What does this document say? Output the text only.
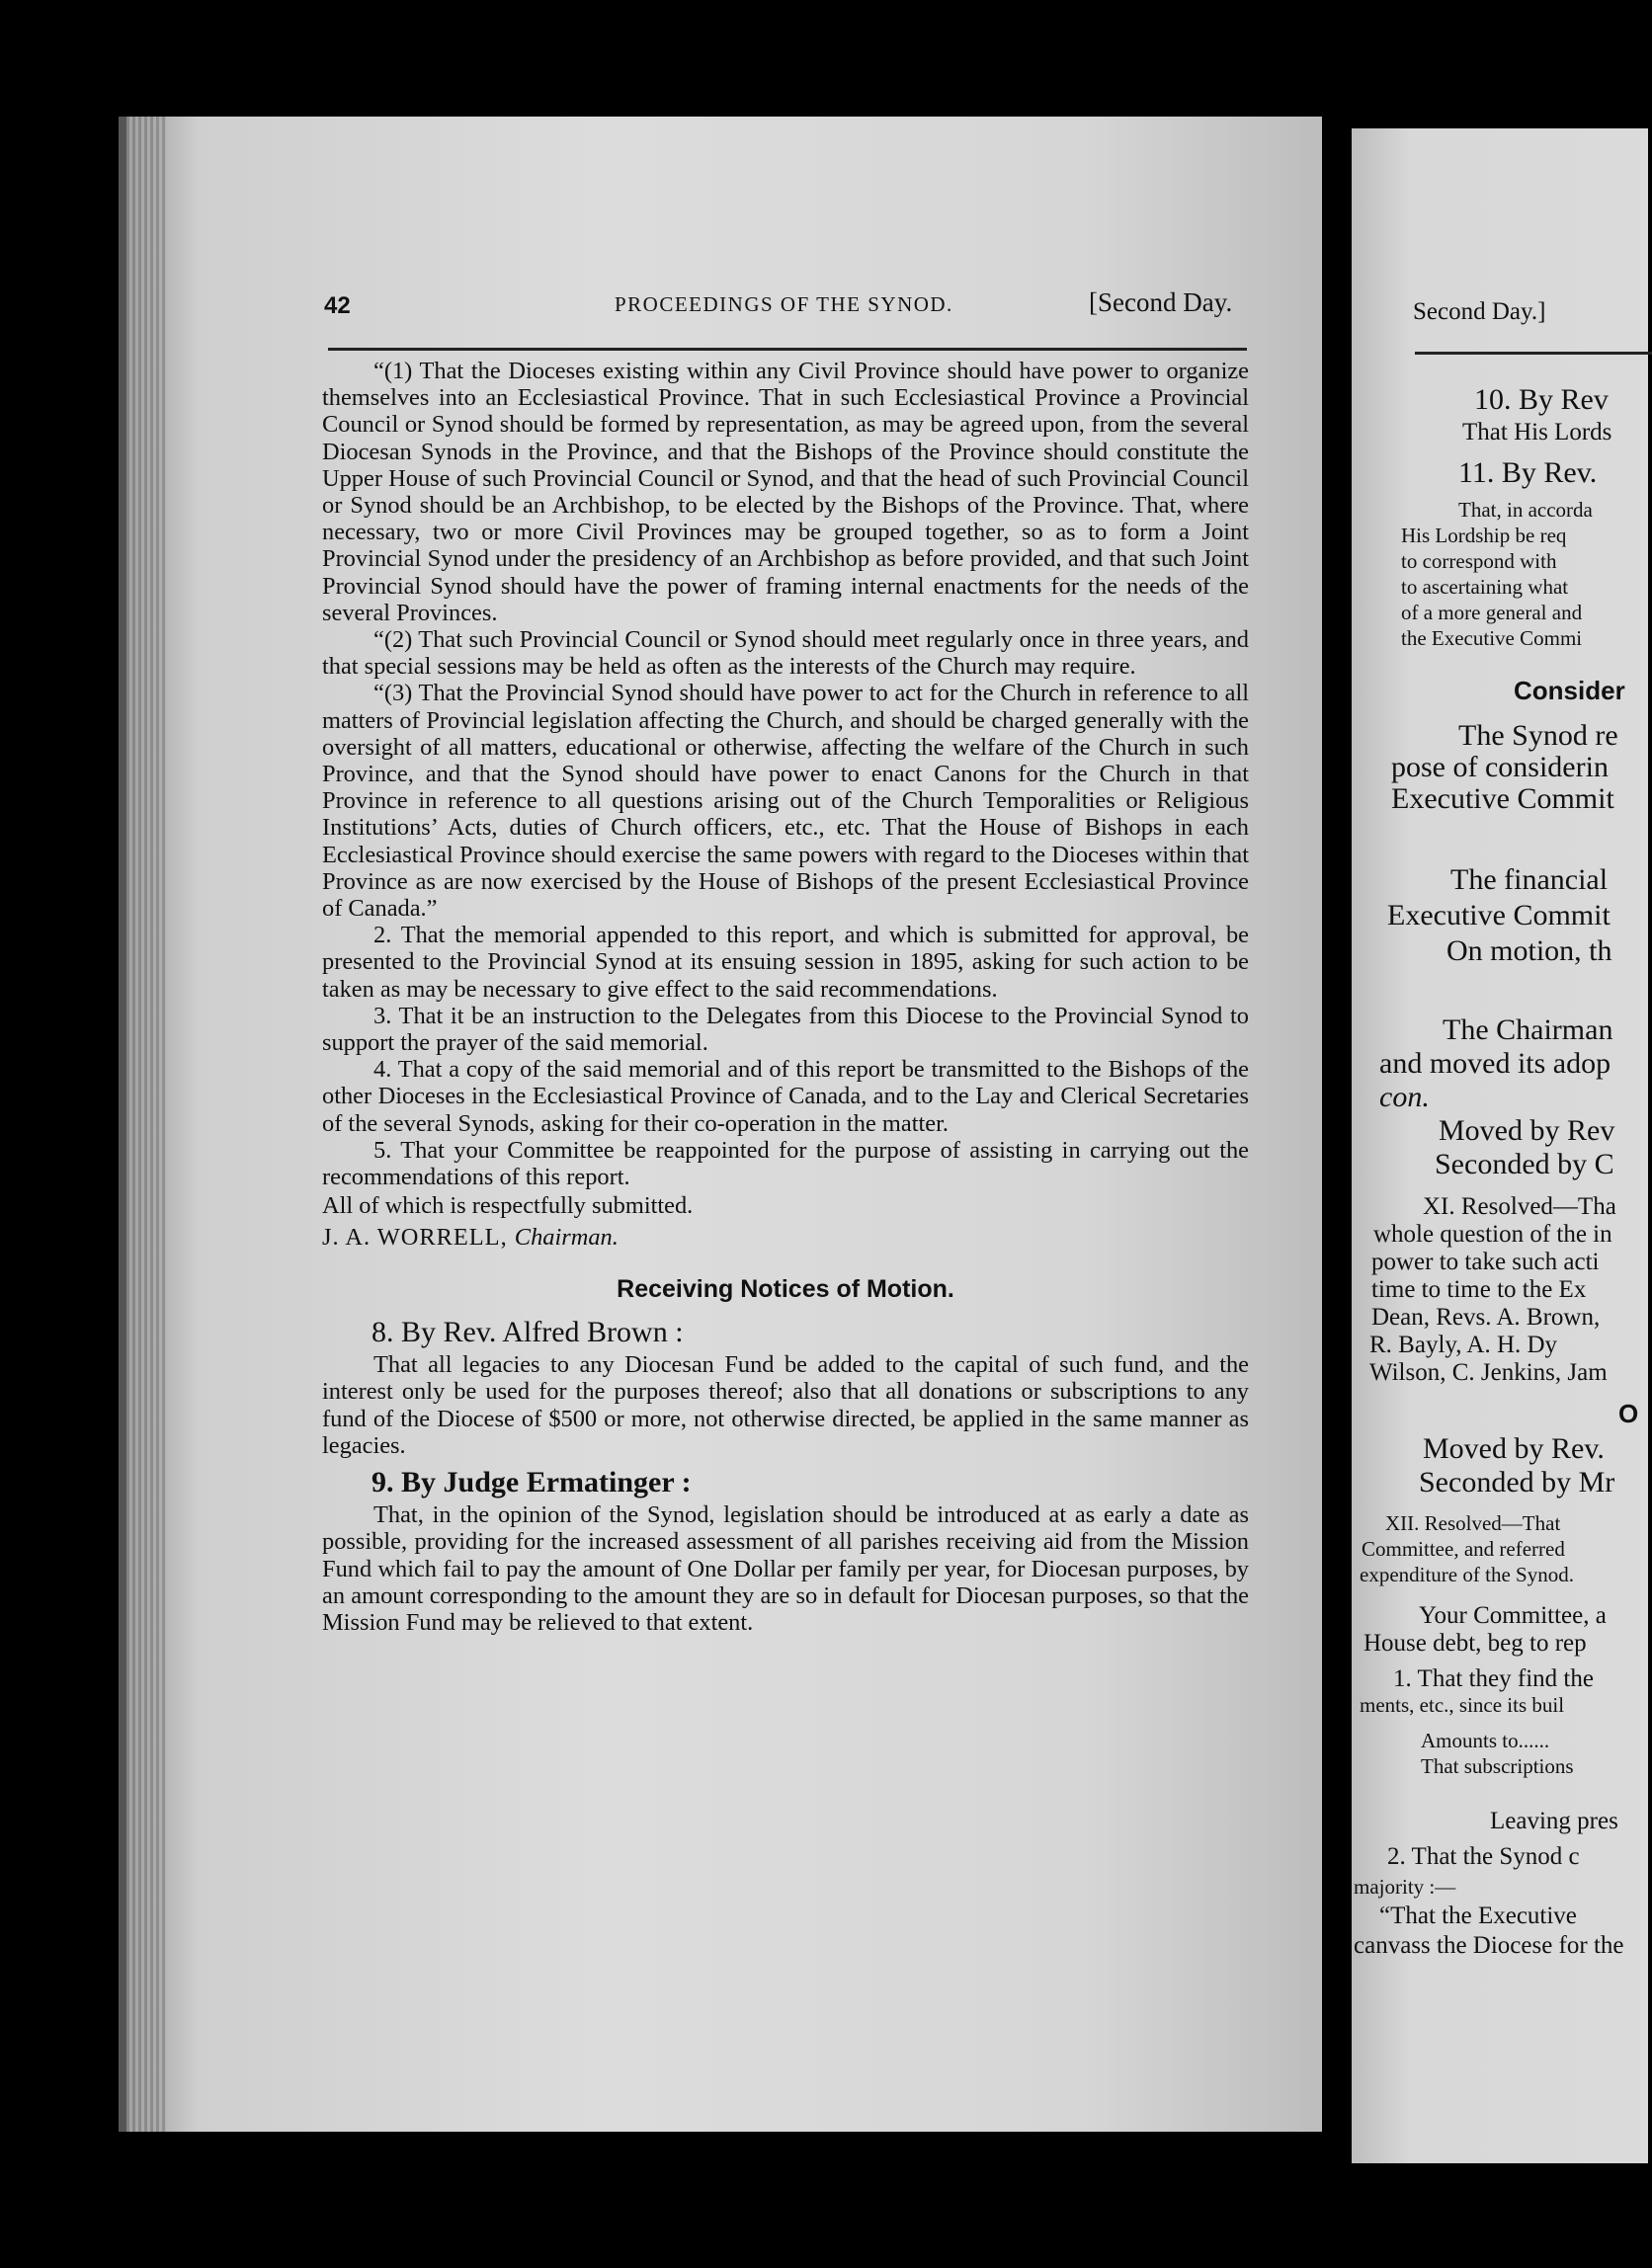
42	PROCEEDINGS OF THE SYNOD.	[Second Day.

“(1) That the Dioceses existing within any Civil Province should have power to organize themselves into an Ecclesiastical Province. That in such Ecclesiastical Province a Provincial Council or Synod should be formed by representation, as may be agreed upon, from the several Diocesan Synods in the Province, and that the Bishops of the Province should constitute the Upper House of such Provincial Council or Synod, and that the head of such Provincial Council or Synod should be an Archbishop, to be elected by the Bishops of the Province. That, where necessary, two or more Civil Provinces may be grouped together, so as to form a Joint Provincial Synod under the presidency of an Archbishop as before provided, and that such Joint Provincial Synod should have the power of framing internal enactments for the needs of the several Provinces.

“(2) That such Provincial Council or Synod should meet regularly once in three years, and that special sessions may be held as often as the interests of the Church may require.

“(3) That the Provincial Synod should have power to act for the Church in reference to all matters of Provincial legislation affecting the Church, and should be charged generally with the oversight of all matters, educational or otherwise, affecting the welfare of the Church in such Province, and that the Synod should have power to enact Canons for the Church in that Province in reference to all questions arising out of the Church Temporalities or Religious Institutions’ Acts, duties of Church officers, etc., etc. That the House of Bishops in each Ecclesiastical Province should exercise the same powers with regard to the Dioceses within that Province as are now exercised by the House of Bishops of the present Ecclesiastical Province of Canada.”

2. That the memorial appended to this report, and which is submitted for approval, be presented to the Provincial Synod at its ensuing session in 1895, asking for such action to be taken as may be necessary to give effect to the said recommendations.

3. That it be an instruction to the Delegates from this Diocese to the Provincial Synod to support the prayer of the said memorial.

4. That a copy of the said memorial and of this report be transmitted to the Bishops of the other Dioceses in the Ecclesiastical Province of Canada, and to the Lay and Clerical Secretaries of the several Synods, asking for their co-operation in the matter.

5. That your Committee be reappointed for the purpose of assisting in carrying out the recommendations of this report.

All of which is respectfully submitted.

J. A. WORRELL, Chairman.

Receiving Notices of Motion.
8. By Rev. Alfred Brown :

That all legacies to any Diocesan Fund be added to the capital of such fund, and the interest only be used for the purposes thereof; also that all donations or subscriptions to any fund of the Diocese of $500 or more, not otherwise directed, be applied in the same manner as legacies.

9. By Judge Ermatinger :

That, in the opinion of the Synod, legislation should be introduced at as early a date as possible, providing for the increased assessment of all parishes receiving aid from the Mission Fund which fail to pay the amount of One Dollar per family per year, for Diocesan purposes, by an amount corresponding to the amount they are so in default for Diocesan purposes, so that the Mission Fund may be relieved to that extent.

Second Day.]
10. By Rev
That His Lords
11. By Rev.
That, in accorda
His Lordship be req
to correspond with
to ascertaining what
of a more general and
the Executive Commi
Consider
The Synod re
pose of considerin
Executive Commit
The financial
Executive Commit
On motion, th
The Chairman
and moved its adop
con.
Moved by Rev
Seconded by C
XI. Resolved—Tha
whole question of the in
power to take such acti
time to time to the Ex
Dean, Revs. A. Brown,
R. Bayly, A. H. Dy
Wilson, C. Jenkins, Jam
O
Moved by Rev.
Seconded by Mr
XII. Resolved—That
Committee, and referred
expenditure of the Synod.
Your Committee, a
House debt, beg to rep
1. That they find the
ments, etc., since its buil
Amounts to......
That subscriptions
Leaving pres
2. That the Synod c
majority :—
“That the Executive
canvass the Diocese for the
